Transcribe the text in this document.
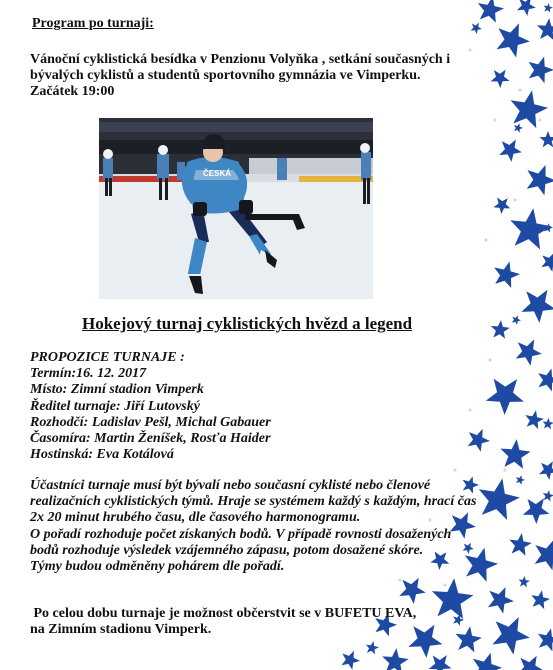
Program po turnaji:

Vánoční cyklistická besídka v Penzionu Volyňka , setkání současných i
bývalých cyklistů a studentů sportovního gymnázia ve Vimperku.
Začátek 19:00
ČESKÁ

Hokejový turnaj cyklistických hvězd a legend

PROPOZICE TURNAJE :
Termín:16. 12. 2017
Místo: Zimní stadion Vimperk
Ředitel turnaje: Jiří Lutovský
Rozhodčí: Ladislav Pešl, Michal Gabauer
Časomíra: Martin Ženíšek, Rosťa Haider
Hostinská: Eva Kotálová
Účastníci turnaje musí být bývalí nebo současní cyklisté nebo členové
realizačních cyklistických týmů. Hraje se systémem každý s každým, hrací čas
2x 20 minut hrubého času, dle časového harmonogramu.
O pořadí rozhoduje počet získaných bodů. V případě rovnosti dosažených
bodů rozhoduje výsledek vzájemného zápasu, potom dosažené skóre.
Týmy budou odměněny pohárem dle pořadí.
Po celou dobu turnaje je možnost občerstvit se v BUFETU EVA,
na Zimním stadionu Vimperk.
